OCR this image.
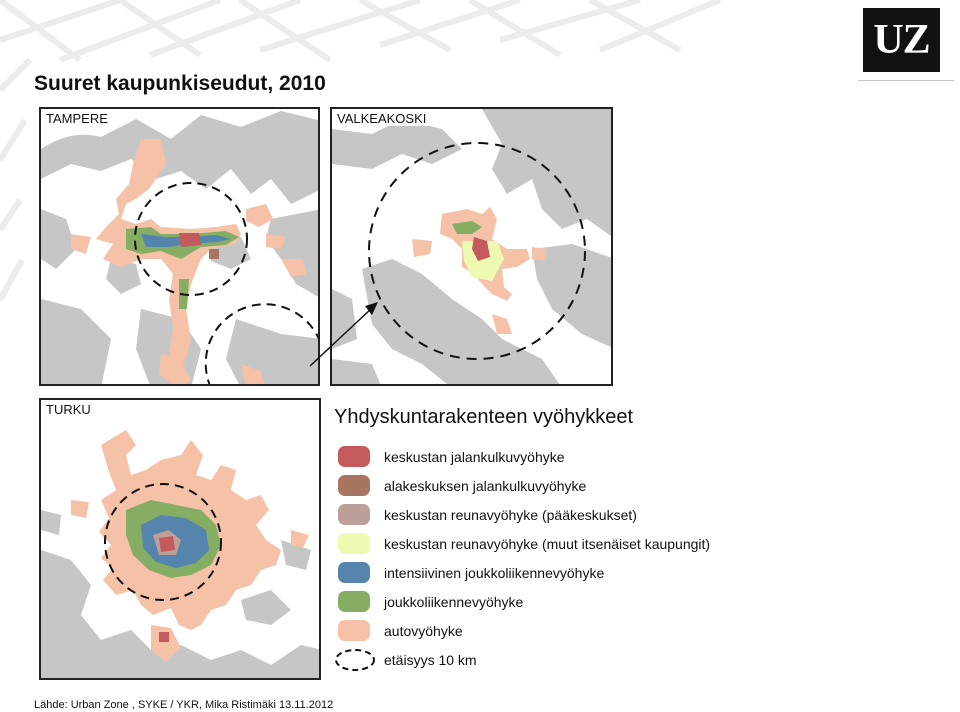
UZ
Suuret kaupunkiseudut, 2010
TAMPERE	VALKEAKOSKI
TURKU	Yhdyskuntarakenteen vyöhykkeet
keskustan jalankulkuvyöhyke
alakeskuksen jalankulkuvyöhyke
keskustan reunavyöhyke (pääkeskukset)
keskustan reunavyöhyke (muut itsenäiset kaupungit)
intensiivinen joukkoliikennevyöhyke
joukkoliikennevyöhyke
autovyöhyke
etäisyys 10 km
Lähde: Urban Zone , SYKE / YKR, Mika Ristimäki 13.11.2012
